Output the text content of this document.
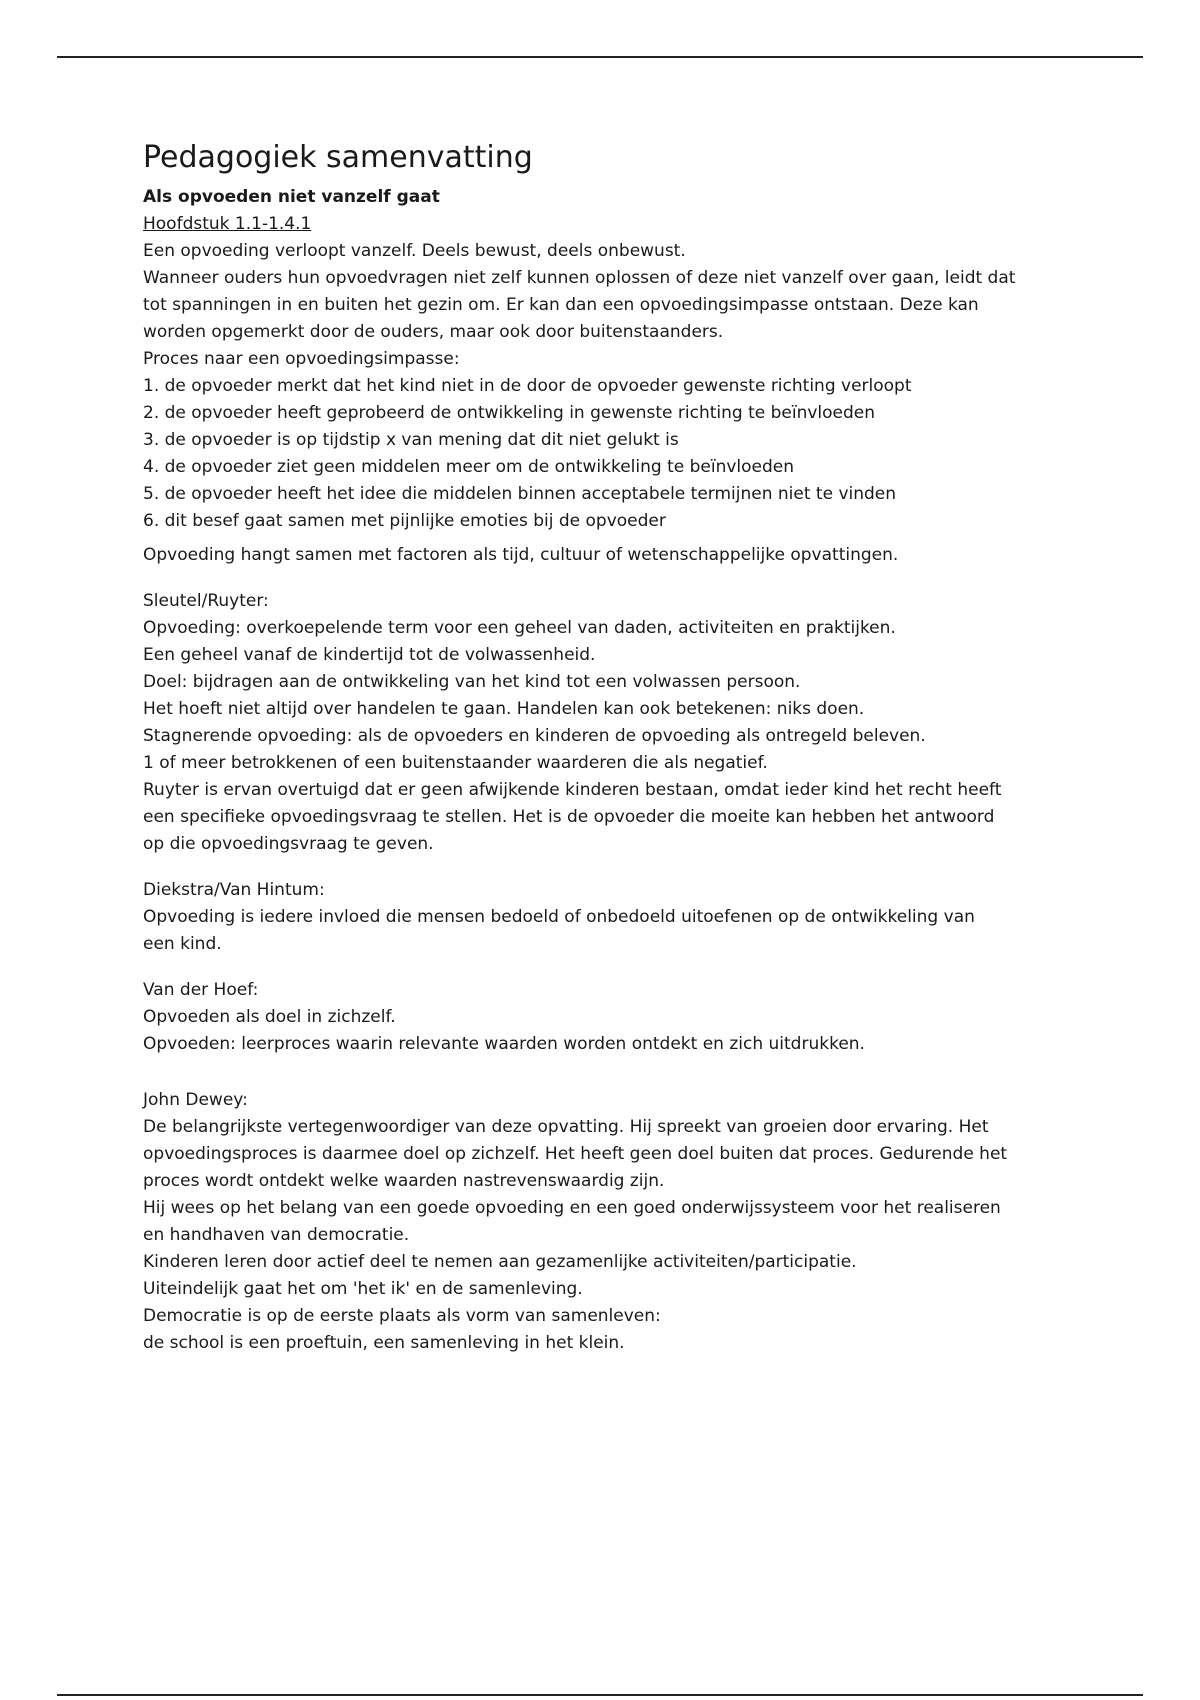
Pedagogiek samenvatting

Als opvoeden niet vanzelf gaat

Hoofdstuk 1.1-1.4.1

Een opvoeding verloopt vanzelf. Deels bewust, deels onbewust.

Wanneer ouders hun opvoedvragen niet zelf kunnen oplossen of deze niet vanzelf over gaan, leidt dat

tot spanningen in en buiten het gezin om. Er kan dan een opvoedingsimpasse ontstaan. Deze kan

worden opgemerkt door de ouders, maar ook door buitenstaanders.

Proces naar een opvoedingsimpasse:

1. de opvoeder merkt dat het kind niet in de door de opvoeder gewenste richting verloopt

2. de opvoeder heeft geprobeerd de ontwikkeling in gewenste richting te beïnvloeden

3. de opvoeder is op tijdstip x van mening dat dit niet gelukt is

4. de opvoeder ziet geen middelen meer om de ontwikkeling te beïnvloeden

5. de opvoeder heeft het idee die middelen binnen acceptabele termijnen niet te vinden

6. dit besef gaat samen met pijnlijke emoties bij de opvoeder

Opvoeding hangt samen met factoren als tijd, cultuur of wetenschappelijke opvattingen.

Sleutel/Ruyter:

Opvoeding: overkoepelende term voor een geheel van daden, activiteiten en praktijken.

Een geheel vanaf de kindertijd tot de volwassenheid.

Doel: bijdragen aan de ontwikkeling van het kind tot een volwassen persoon.

Het hoeft niet altijd over handelen te gaan. Handelen kan ook betekenen: niks doen.

Stagnerende opvoeding: als de opvoeders en kinderen de opvoeding als ontregeld beleven.

1 of meer betrokkenen of een buitenstaander waarderen die als negatief.

Ruyter is ervan overtuigd dat er geen afwijkende kinderen bestaan, omdat ieder kind het recht heeft

een specifieke opvoedingsvraag te stellen. Het is de opvoeder die moeite kan hebben het antwoord

op die opvoedingsvraag te geven.

Diekstra/Van Hintum:

Opvoeding is iedere invloed die mensen bedoeld of onbedoeld uitoefenen op de ontwikkeling van

een kind.

Van der Hoef:

Opvoeden als doel in zichzelf.

Opvoeden: leerproces waarin relevante waarden worden ontdekt en zich uitdrukken.

John Dewey:

De belangrijkste vertegenwoordiger van deze opvatting. Hij spreekt van groeien door ervaring. Het

opvoedingsproces is daarmee doel op zichzelf. Het heeft geen doel buiten dat proces. Gedurende het

proces wordt ontdekt welke waarden nastrevenswaardig zijn.

Hij wees op het belang van een goede opvoeding en een goed onderwijssysteem voor het realiseren

en handhaven van democratie.

Kinderen leren door actief deel te nemen aan gezamenlijke activiteiten/participatie.

Uiteindelijk gaat het om 'het ik' en de samenleving.

Democratie is op de eerste plaats als vorm van samenleven:

de school is een proeftuin, een samenleving in het klein.
